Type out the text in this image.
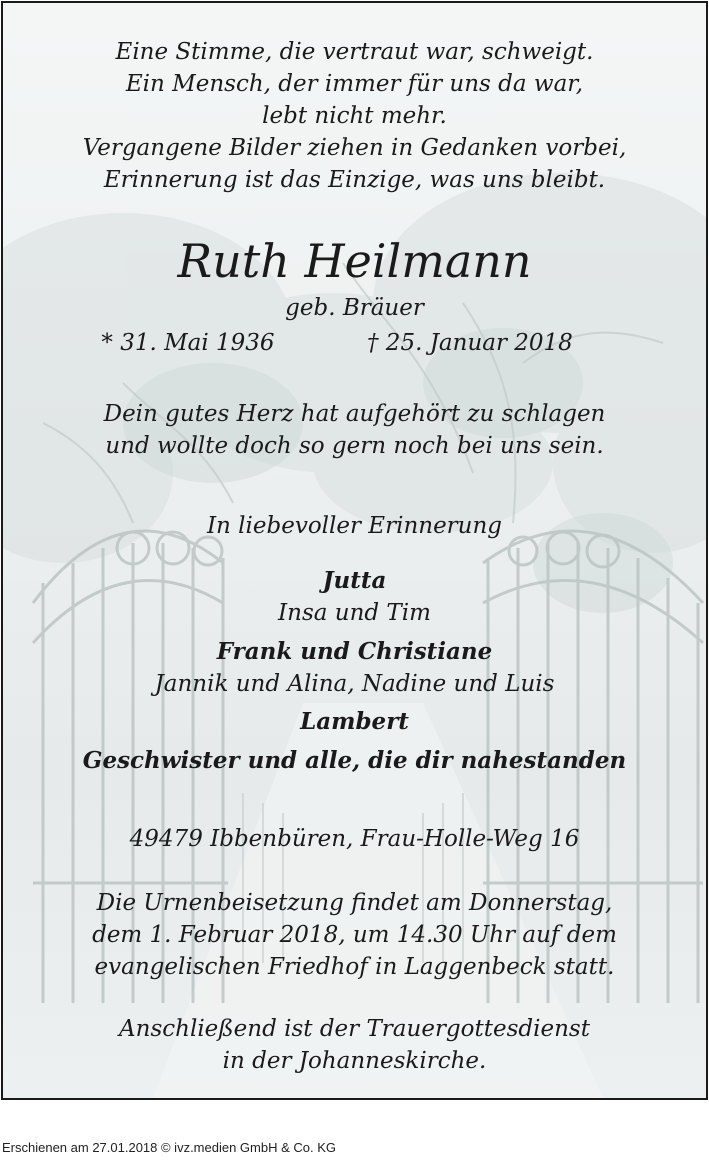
Eine Stimme, die vertraut war, schweigt.
Ein Mensch, der immer für uns da war,
lebt nicht mehr.
Vergangene Bilder ziehen in Gedanken vorbei,
Erinnerung ist das Einzige, was uns bleibt.
Ruth Heilmann
geb. Bräuer
* 31. Mai 1936	† 25. Januar 2018
Dein gutes Herz hat aufgehört zu schlagen
und wollte doch so gern noch bei uns sein.
In liebevoller Erinnerung
Jutta
Insa und Tim
Frank und Christiane
Jannik und Alina, Nadine und Luis
Lambert
Geschwister und alle, die dir nahestanden
49479 Ibbenbüren, Frau-Holle-Weg 16
Die Urnenbeisetzung findet am Donnerstag,
dem 1. Februar 2018, um 14.30 Uhr auf dem
evangelischen Friedhof in Laggenbeck statt.
Anschließend ist der Trauergottesdienst
in der Johanneskirche.
Erschienen am 27.01.2018 © ivz.medien GmbH & Co. KG
